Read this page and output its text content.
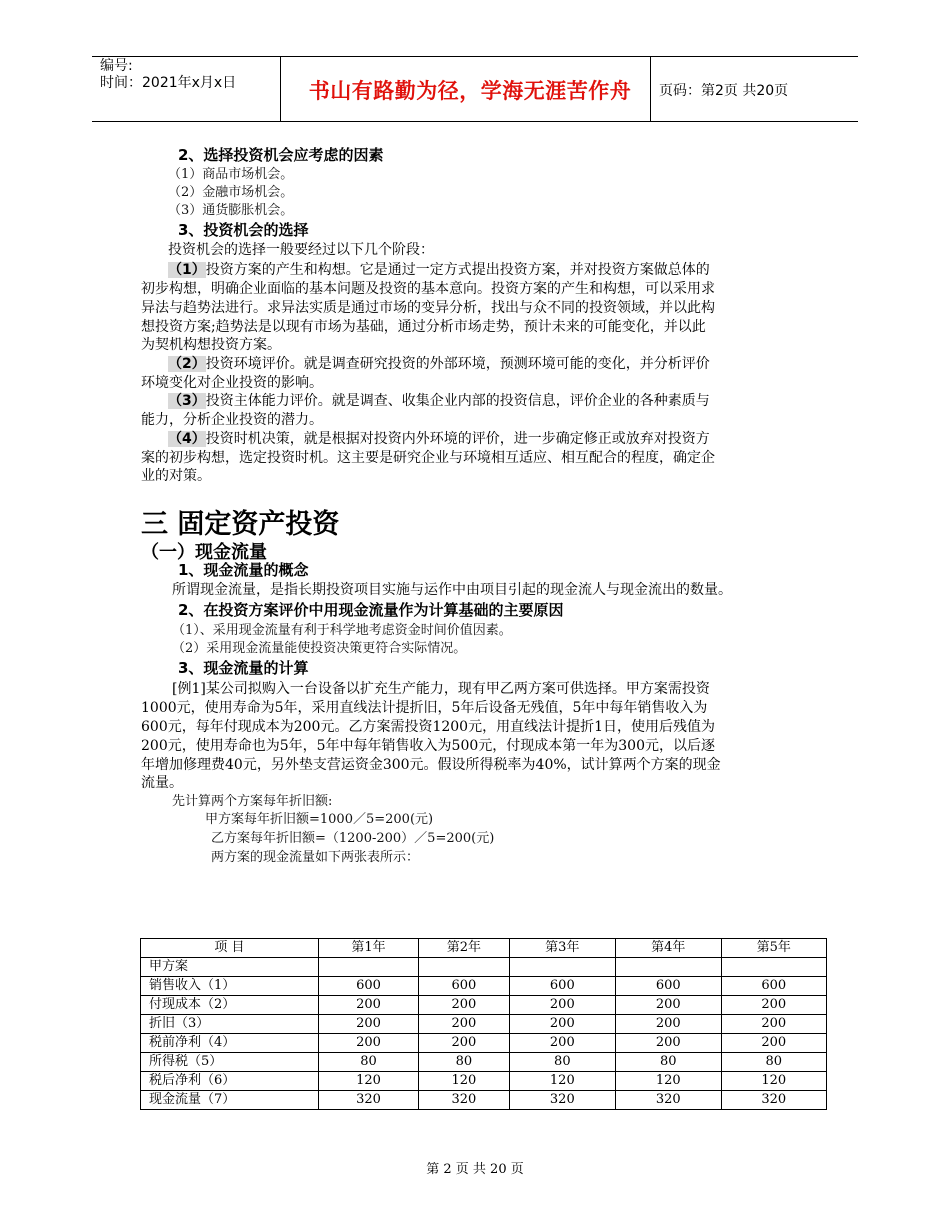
编号:
时间：2021年x月x日	书山有路勤为径，学海无涯苦作舟	页码：第2页 共20页
2、选择投资机会应考虑的因素
（1）商品市场机会。
（2）金融市场机会。
（3）通货膨胀机会。
3、投资机会的选择
投资机会的选择一般要经过以下几个阶段：
（1）投资方案的产生和构想。它是通过一定方式提出投资方案，并对投资方案做总体的
初步构想，明确企业面临的基本问题及投资的基本意向。投资方案的产生和构想，可以采用求
异法与趋势法进行。求异法实质是通过市场的变异分析，找出与众不同的投资领域，并以此构
想投资方案;趋势法是以现有市场为基础，通过分析市场走势，预计未来的可能变化，并以此
为契机构想投资方案。
（2）投资环境评价。就是调查研究投资的外部环境，预测环境可能的变化，并分析评价
环境变化对企业投资的影响。
（3）投资主体能力评价。就是调查、收集企业内部的投资信息，评价企业的各种素质与
能力，分析企业投资的潜力。
（4）投资时机决策，就是根据对投资内外环境的评价，进一步确定修正或放弃对投资方
案的初步构想，选定投资时机。这主要是研究企业与环境相互适应、相互配合的程度，确定企
业的对策。
三 固定资产投资
（一）现金流量
1、现金流量的概念
所谓现金流量，是指长期投资项目实施与运作中由项目引起的现金流人与现金流出的数量。
2、在投资方案评价中用现金流量作为计算基础的主要原因
（1）、采用现金流量有利于科学地考虑资金时间价值因素。
（2）采用现金流量能使投资决策更符合实际情况。
3、现金流量的计算
[例1]某公司拟购入一台设备以扩充生产能力，现有甲乙两方案可供选择。甲方案需投资
1000元，使用寿命为5年，采用直线法计提折旧，5年后设备无残值，5年中每年销售收入为
600元，每年付现成本为200元。乙方案需投资1200元，用直线法计提折1日，使用后残值为
200元，使用寿命也为5年，5年中每年销售收入为500元，付现成本第一年为300元，以后逐
年增加修理费40元，另外垫支营运资金300元。假设所得税率为40%，试计算两个方案的现金
流量。
先计算两个方案每年折旧额:
甲方案每年折旧额=1000／5=200(元)
乙方案每年折旧额=（1200-200）／5=200(元)
两方案的现金流量如下两张表所示：
项 目	第1年	第2年	第3年	第4年	第5年
甲方案					
销售收入（1）	600	600	600	600	600
付现成本（2）	200	200	200	200	200
折旧（3）	200	200	200	200	200
税前净利（4）	200	200	200	200	200
所得税（5）	80	80	80	80	80
税后净利（6）	120	120	120	120	120
现金流量（7）	320	320	320	320	320
第 2 页 共 20 页
